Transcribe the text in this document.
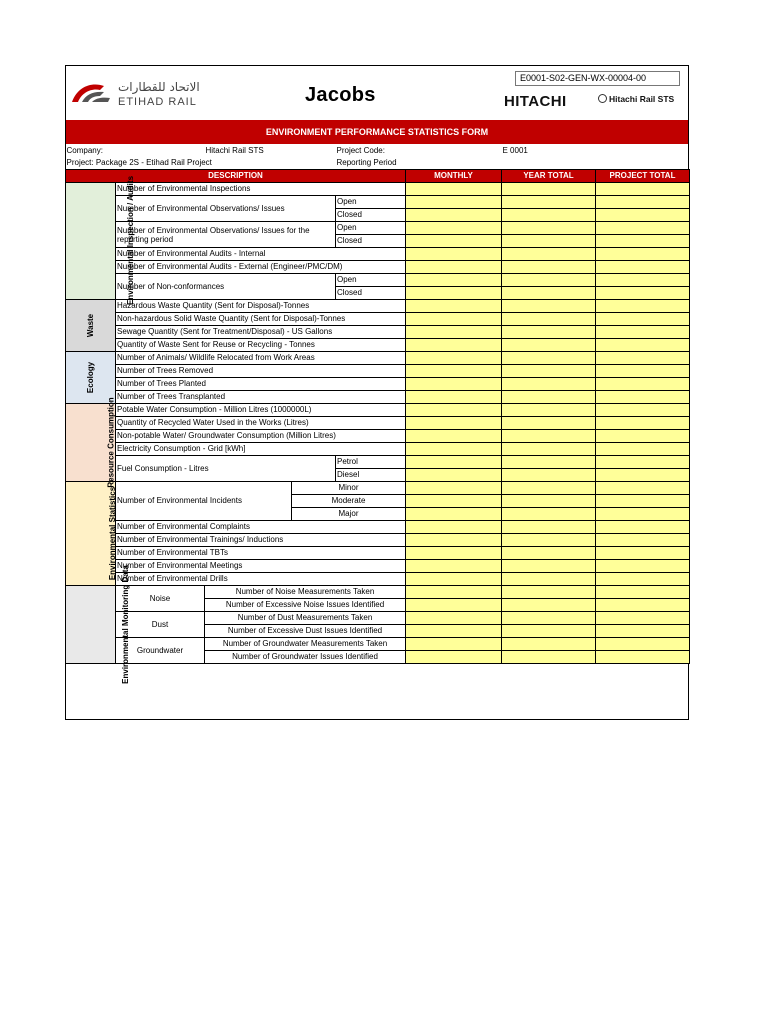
E0001-S02-GEN-WX-00004-00
الاتحاد للقطارات
ETIHAD RAIL	Jacobs	HITACHI	Hitachi Rail STS
ENVIRONMENT PERFORMANCE STATISTICS FORM
Company:		Hitachi Rail STS		Project Code:		E 0001	
Project: Package 2S - Etihad Rail Project				Reporting Period			
DESCRIPTION					MONTHLY	YEAR TOTAL	PROJECT TOTAL
Environmental Inspection / Audits	Number of Environmental Inspections						
	Number of Environmental Observations/ Issues			Open			
				Closed			
	Number of Environmental Observations/ Issues for the reporting period			Open			
				Closed			
	Number of Environmental Audits - Internal						
	Number of Environmental Audits - External (Engineer/PMC/DM)						
	Number of Non-conformances			Open			
				Closed			
Waste	Hazardous Waste Quantity (Sent for Disposal)-Tonnes						
	Non-hazardous Solid Waste Quantity (Sent for Disposal)-Tonnes						
	Sewage Quantity (Sent for Treatment/Disposal) - US Gallons						
	Quantity of Waste Sent for Reuse or Recycling - Tonnes						
Ecology	Number of Animals/ Wildlife Relocated from Work Areas						
	Number of Trees Removed						
	Number of Trees Planted						
	Number of Trees Transplanted						
Resource Consumption	Potable Water Consumption - Million Litres (1000000L)						
	Quantity of Recycled Water Used in the Works (Litres)						
	Non-potable Water/ Groundwater Consumption (Million Litres)						
	Electricity Consumption - Grid [kWh]						
	Fuel Consumption - Litres			Petrol			
				Diesel			
Environmental Statistics	Number of Environmental Incidents		Minor				
			Moderate				
			Major				
	Number of Environmental Complaints						
	Number of Environmental Trainings/ Inductions						
	Number of Environmental TBTs						
	Number of Environmental Meetings						
	Number of Environmental Drills						
Environmental Monitoring Data	Noise	Number of Noise Measurements Taken					
		Number of Excessive Noise Issues Identified					
	Dust	Number of Dust Measurements Taken					
		Number of Excessive Dust Issues Identified					
	Groundwater	Number of Groundwater Measurements Taken					
		Number of Groundwater Issues Identified					
